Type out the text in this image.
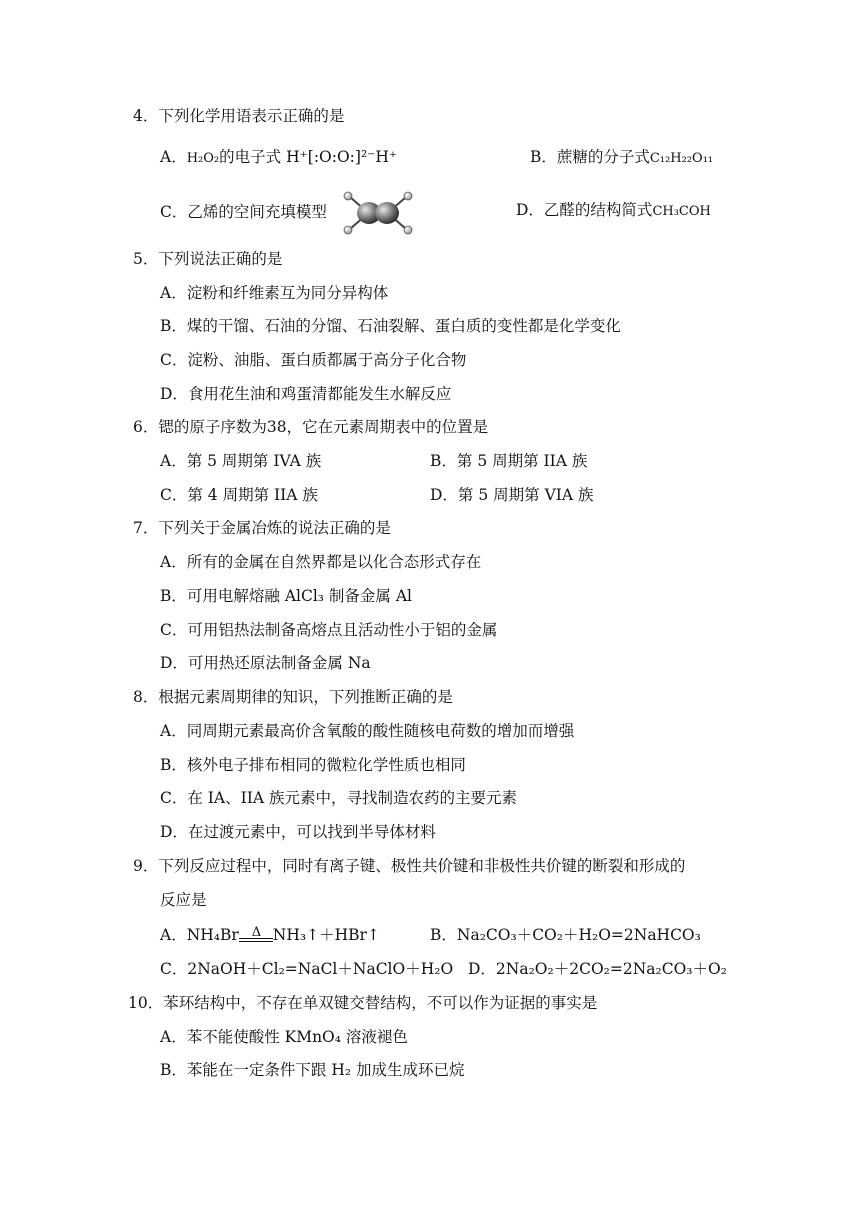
4．下列化学用语表示正确的是
A．H₂O₂的电子式 H⁺[:O:O:]²⁻H⁺	B．蔗糖的分子式C₁₂H₂₂O₁₁
C．乙烯的空间充填模型	D．乙醛的结构简式CH₃COH
5．下列说法正确的是
A．淀粉和纤维素互为同分异构体
B．煤的干馏、石油的分馏、石油裂解、蛋白质的变性都是化学变化
C．淀粉、油脂、蛋白质都属于高分子化合物
D．食用花生油和鸡蛋清都能发生水解反应
6．锶的原子序数为38，它在元素周期表中的位置是
A．第 5 周期第 IVA 族	B．第 5 周期第 IIA 族
C．第 4 周期第 IIA 族	D．第 5 周期第 VIA 族
7．下列关于金属冶炼的说法正确的是
A．所有的金属在自然界都是以化合态形式存在
B．可用电解熔融 AlCl₃ 制备金属 Al
C．可用铝热法制备高熔点且活动性小于铝的金属
D．可用热还原法制备金属 Na
8．根据元素周期律的知识，下列推断正确的是
A．同周期元素最高价含氧酸的酸性随核电荷数的增加而增强
B．核外电子排布相同的微粒化学性质也相同
C．在 IA、IIA 族元素中，寻找制造农药的主要元素
D．在过渡元素中，可以找到半导体材料
9．下列反应过程中，同时有离子键、极性共价键和非极性共价键的断裂和形成的
反应是
A．NH₄Br Δ NH₃↑＋HBr↑	B．Na₂CO₃＋CO₂＋H₂O=2NaHCO₃
C．2NaOH＋Cl₂=NaCl＋NaClO＋H₂O D．2Na₂O₂＋2CO₂=2Na₂CO₃＋O₂
10．苯环结构中，不存在单双键交替结构，不可以作为证据的事实是
A．苯不能使酸性 KMnO₄ 溶液褪色
B．苯能在一定条件下跟 H₂ 加成生成环已烷
